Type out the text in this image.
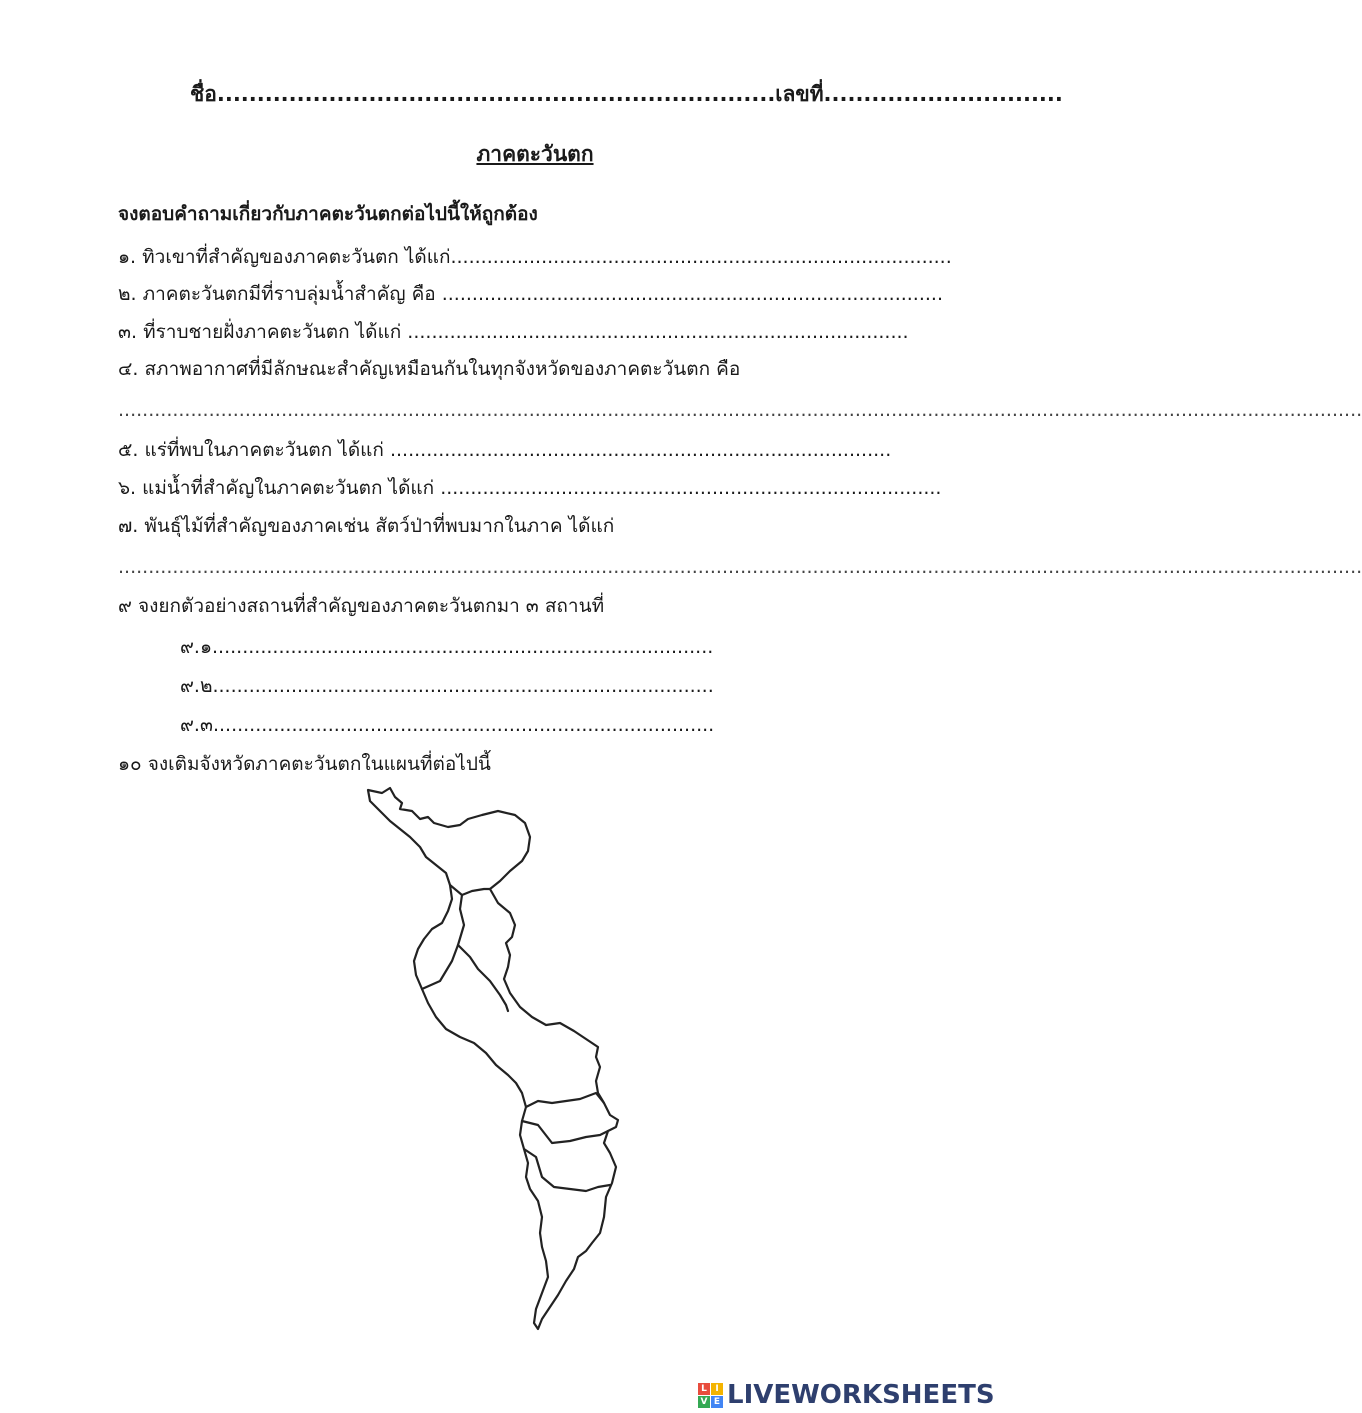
ชื่อ......................................................................เลขที่..............................
ภาคตะวันตก
จงตอบคำถามเกี่ยวกับภาคตะวันตกต่อไปนี้ให้ถูกต้อง
๑. ทิวเขาที่สำคัญของภาคตะวันตก ได้แก่...................................................................................
๒. ภาคตะวันตกมีที่ราบลุ่มน้ำสำคัญ คือ ...................................................................................
๓. ที่ราบชายฝั่งภาคตะวันตก ได้แก่ ...................................................................................
๔. สภาพอากาศที่มีลักษณะสำคัญเหมือนกันในทุกจังหวัดของภาคตะวันตก คือ
..............................................................................................................................................................................................................
๕. แร่ที่พบในภาคตะวันตก ได้แก่ ...................................................................................
๖. แม่น้ำที่สำคัญในภาคตะวันตก ได้แก่ ...................................................................................
๗. พันธุ์ไม้ที่สำคัญของภาคเช่น สัตว์ป่าที่พบมากในภาค ได้แก่
..............................................................................................................................................................................................................
๙ จงยกตัวอย่างสถานที่สำคัญของภาคตะวันตกมา ๓ สถานที่
๙.๑...................................................................................
๙.๒...................................................................................
๙.๓...................................................................................
๑๐ จงเติมจังหวัดภาคตะวันตกในแผนที่ต่อไปนี้
L I
V E LIVEWORKSHEETS
